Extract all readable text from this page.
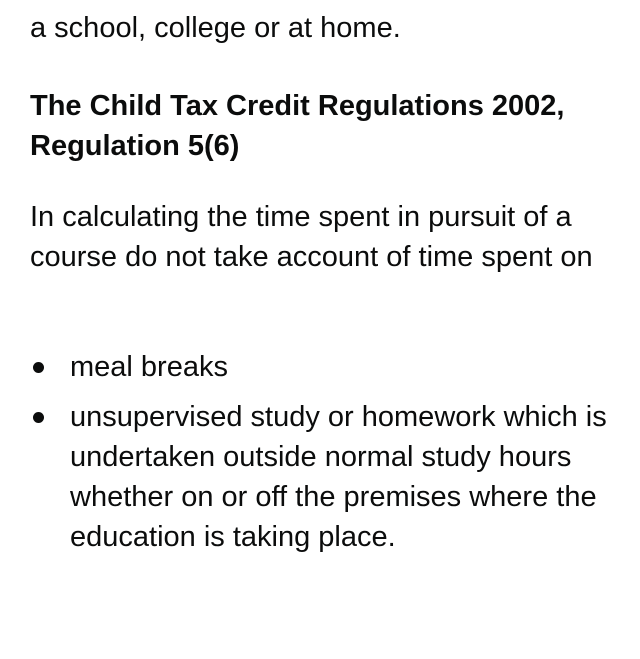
a school, college or at home.

The Child Tax Credit Regulations 2002, Regulation 5(6)

In calculating the time spent in pursuit of a course do not take account of time spent on

meal breaks
unsupervised study or homework which is undertaken outside normal study hours whether on or off the premises where the education is taking place.
